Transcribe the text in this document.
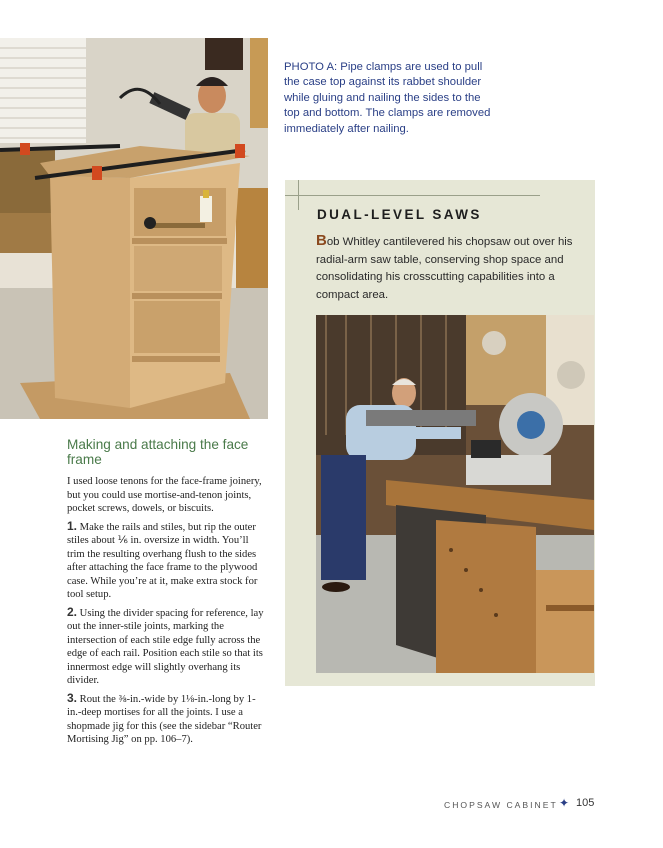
PHOTO A: Pipe clamps are used to pull the case top against its rabbet shoulder while gluing and nailing the sides to the top and bottom. The clamps are removed immediately after nailing.
DUAL-LEVEL SAWS
Bob Whitley cantilevered his chopsaw out over his radial-arm saw table, conserving shop space and consolidating his crosscutting capabilities into a compact area.
Making and attaching the face frame

I used loose tenons for the face-frame joinery, but you could use mortise-and-tenon joints, pocket screws, dowels, or biscuits.

1. Make the rails and stiles, but rip the outer stiles about ⅙ in. oversize in width. You’ll trim the resulting overhang flush to the sides after attaching the face frame to the plywood case. While you’re at it, make extra stock for tool setup.

2. Using the divider spacing for reference, lay out the inner-stile joints, marking the intersection of each stile edge fully across the edge of each rail. Position each stile so that its innermost edge will slightly overhang its divider.

3. Rout the ⅜-in.-wide by 1⅛-in.-long by 1-in.-deep mortises for all the joints. I use a shopmade jig for this (see the sidebar “Router Mortising Jig” on pp. 106–7).

CHOPSAW CABINET ✦ 105
